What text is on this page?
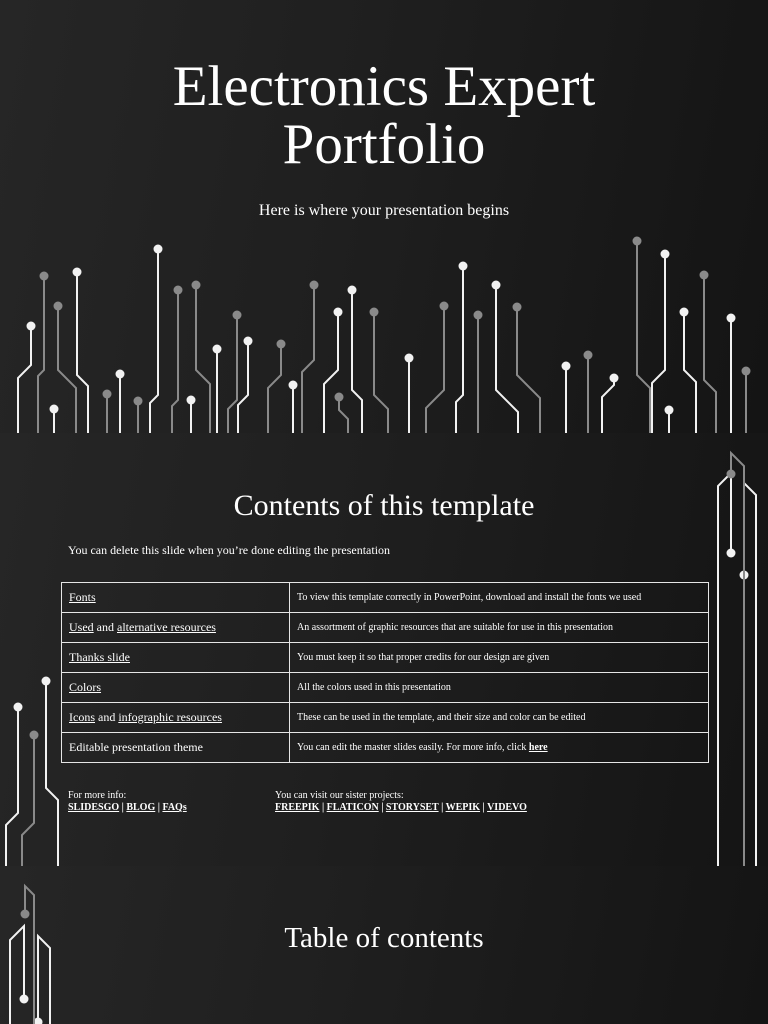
Electronics Expert
Portfolio
Here is where your presentation begins
Contents of this template
You can delete this slide when you’re done editing the presentation
Fonts	To view this template correctly in PowerPoint, download and install the fonts we used
Used and alternative resources	An assortment of graphic resources that are suitable for use in this presentation
Thanks slide	You must keep it so that proper credits for our design are given
Colors	All the colors used in this presentation
Icons and infographic resources	These can be used in the template, and their size and color can be edited
Editable presentation theme	You can edit the master slides easily. For more info, click here
For more info:
SLIDESGO | BLOG | FAQs
You can visit our sister projects:
FREEPIK | FLATICON | STORYSET | WEPIK | VIDEVO
Table of contents
